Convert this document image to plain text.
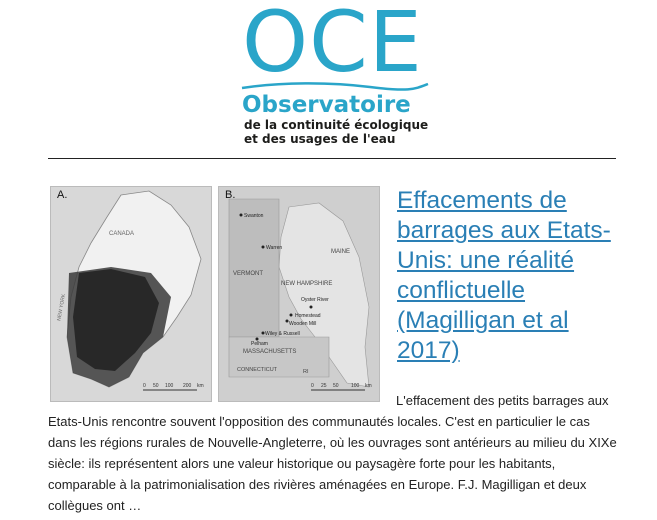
OCE
Observatoire
de la continuité écologique
et des usages de l'eau
A.
CANADA
NEW YORK
0 50 100 200 km
B.
MAINE
VERMONT
NEW HAMPSHIRE
MASSACHUSETTS
CONNECTICUT	RI
Swanton
Warren
Oyster River
Homestead
Wooden Mill
Wiley & Russell
Pelham
0 25 50 100 km
Effacements de barrages aux Etats-Unis: une réalité conflictuelle (Magilligan et al 2017)
L'effacement des petits barrages aux Etats-Unis rencontre souvent l'opposition des communautés locales. C'est en particulier le cas dans les régions rurales de Nouvelle-Angleterre, où les ouvrages sont antérieurs au milieu du XIXe siècle: ils représentent alors une valeur historique ou paysagère forte pour les habitants, comparable à la patrimonialisation des rivières aménagées en Europe. F.J. Magilligan et deux collègues ont …
